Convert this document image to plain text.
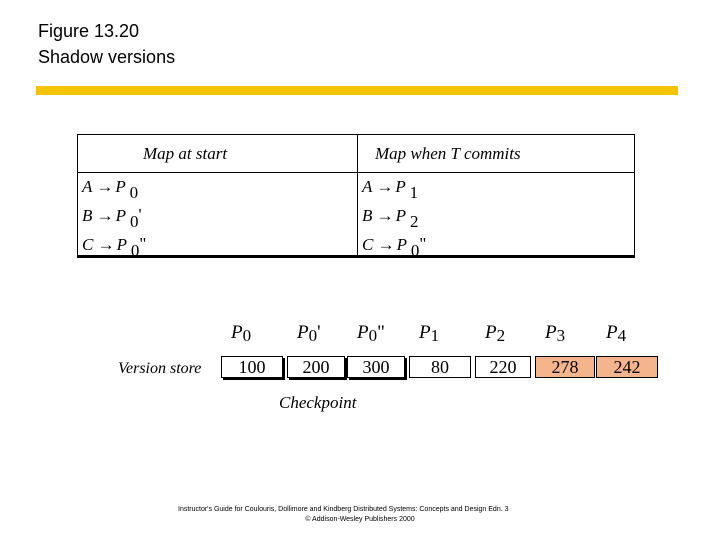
Figure 13.20
Shadow versions
Map at start	Map when T commits
A → P 0
B → P 0'
C → P 0"
A → P 1
B → P 2
C → P 0"
Version store
$P_0$
100
$P_0'$
200
$P_0$"
300
$P_1$
80
$P_2$
220
$P_3$
278
$P_4$
242
Checkpoint
Instructor's Guide for Coulouris, Dollimore and Kindberg Distributed Systems: Concepts and Design Edn. 3
© Addison-Wesley Publishers 2000
